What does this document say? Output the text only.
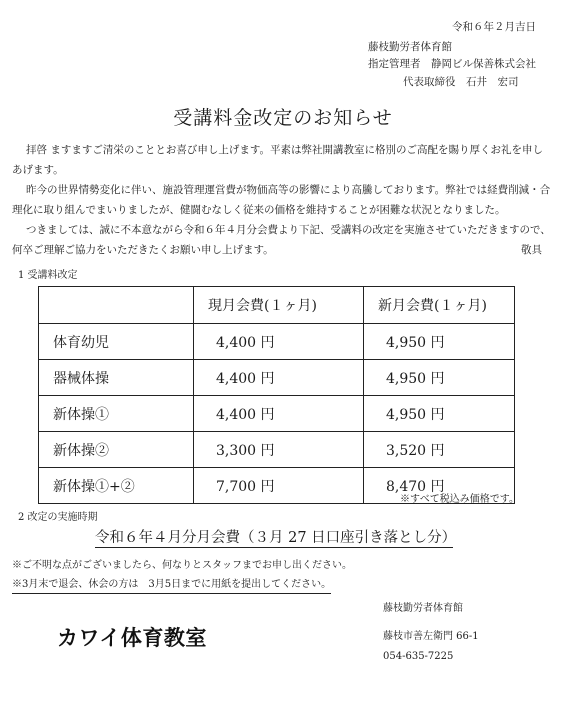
令和６年２月吉日
藤枝勤労者体育館
指定管理者　静岡ビル保善株式会社
代表取締役　石井　宏司
受講料金改定のお知らせ

拝啓 ますますご清栄のこととお喜び申し上げます。平素は弊社開講教室に格別のご高配を賜り厚くお礼を申しあげます。

昨今の世界情勢変化に伴い、施設管理運営費が物価高等の影響により高騰しております。弊社では経費削減・合理化に取り組んでまいりましたが、健闘むなしく従来の価格を維持することが困難な状況となりました。

つきましては、誠に不本意ながら令和６年４月分会費より下記、受講料の改定を実施させていただきますので、何卒ご理解ご協力をいただきたくお願い申し上げます。	敬具
1 受講料改定
	現月会費(１ヶ月)	新月会費(１ヶ月)
体育幼児	4,400 円	4,950 円
器械体操	4,400 円	4,950 円
新体操①	4,400 円	4,950 円
新体操②	3,300 円	3,520 円
新体操①+②	7,700 円	8,470 円
※すべて税込み価格です。
2 改定の実施時期
令和６年４月分月会費（３月 27 日口座引き落とし分）
※ご不明な点がございましたら、何なりとスタッフまでお申し出ください。
※3月末で退会、休会の方は　3月5日までに用紙を提出してください。
カワイ体育教室
藤枝勤労者体育館
藤枝市善左衛門 66-1
054-635-7225
